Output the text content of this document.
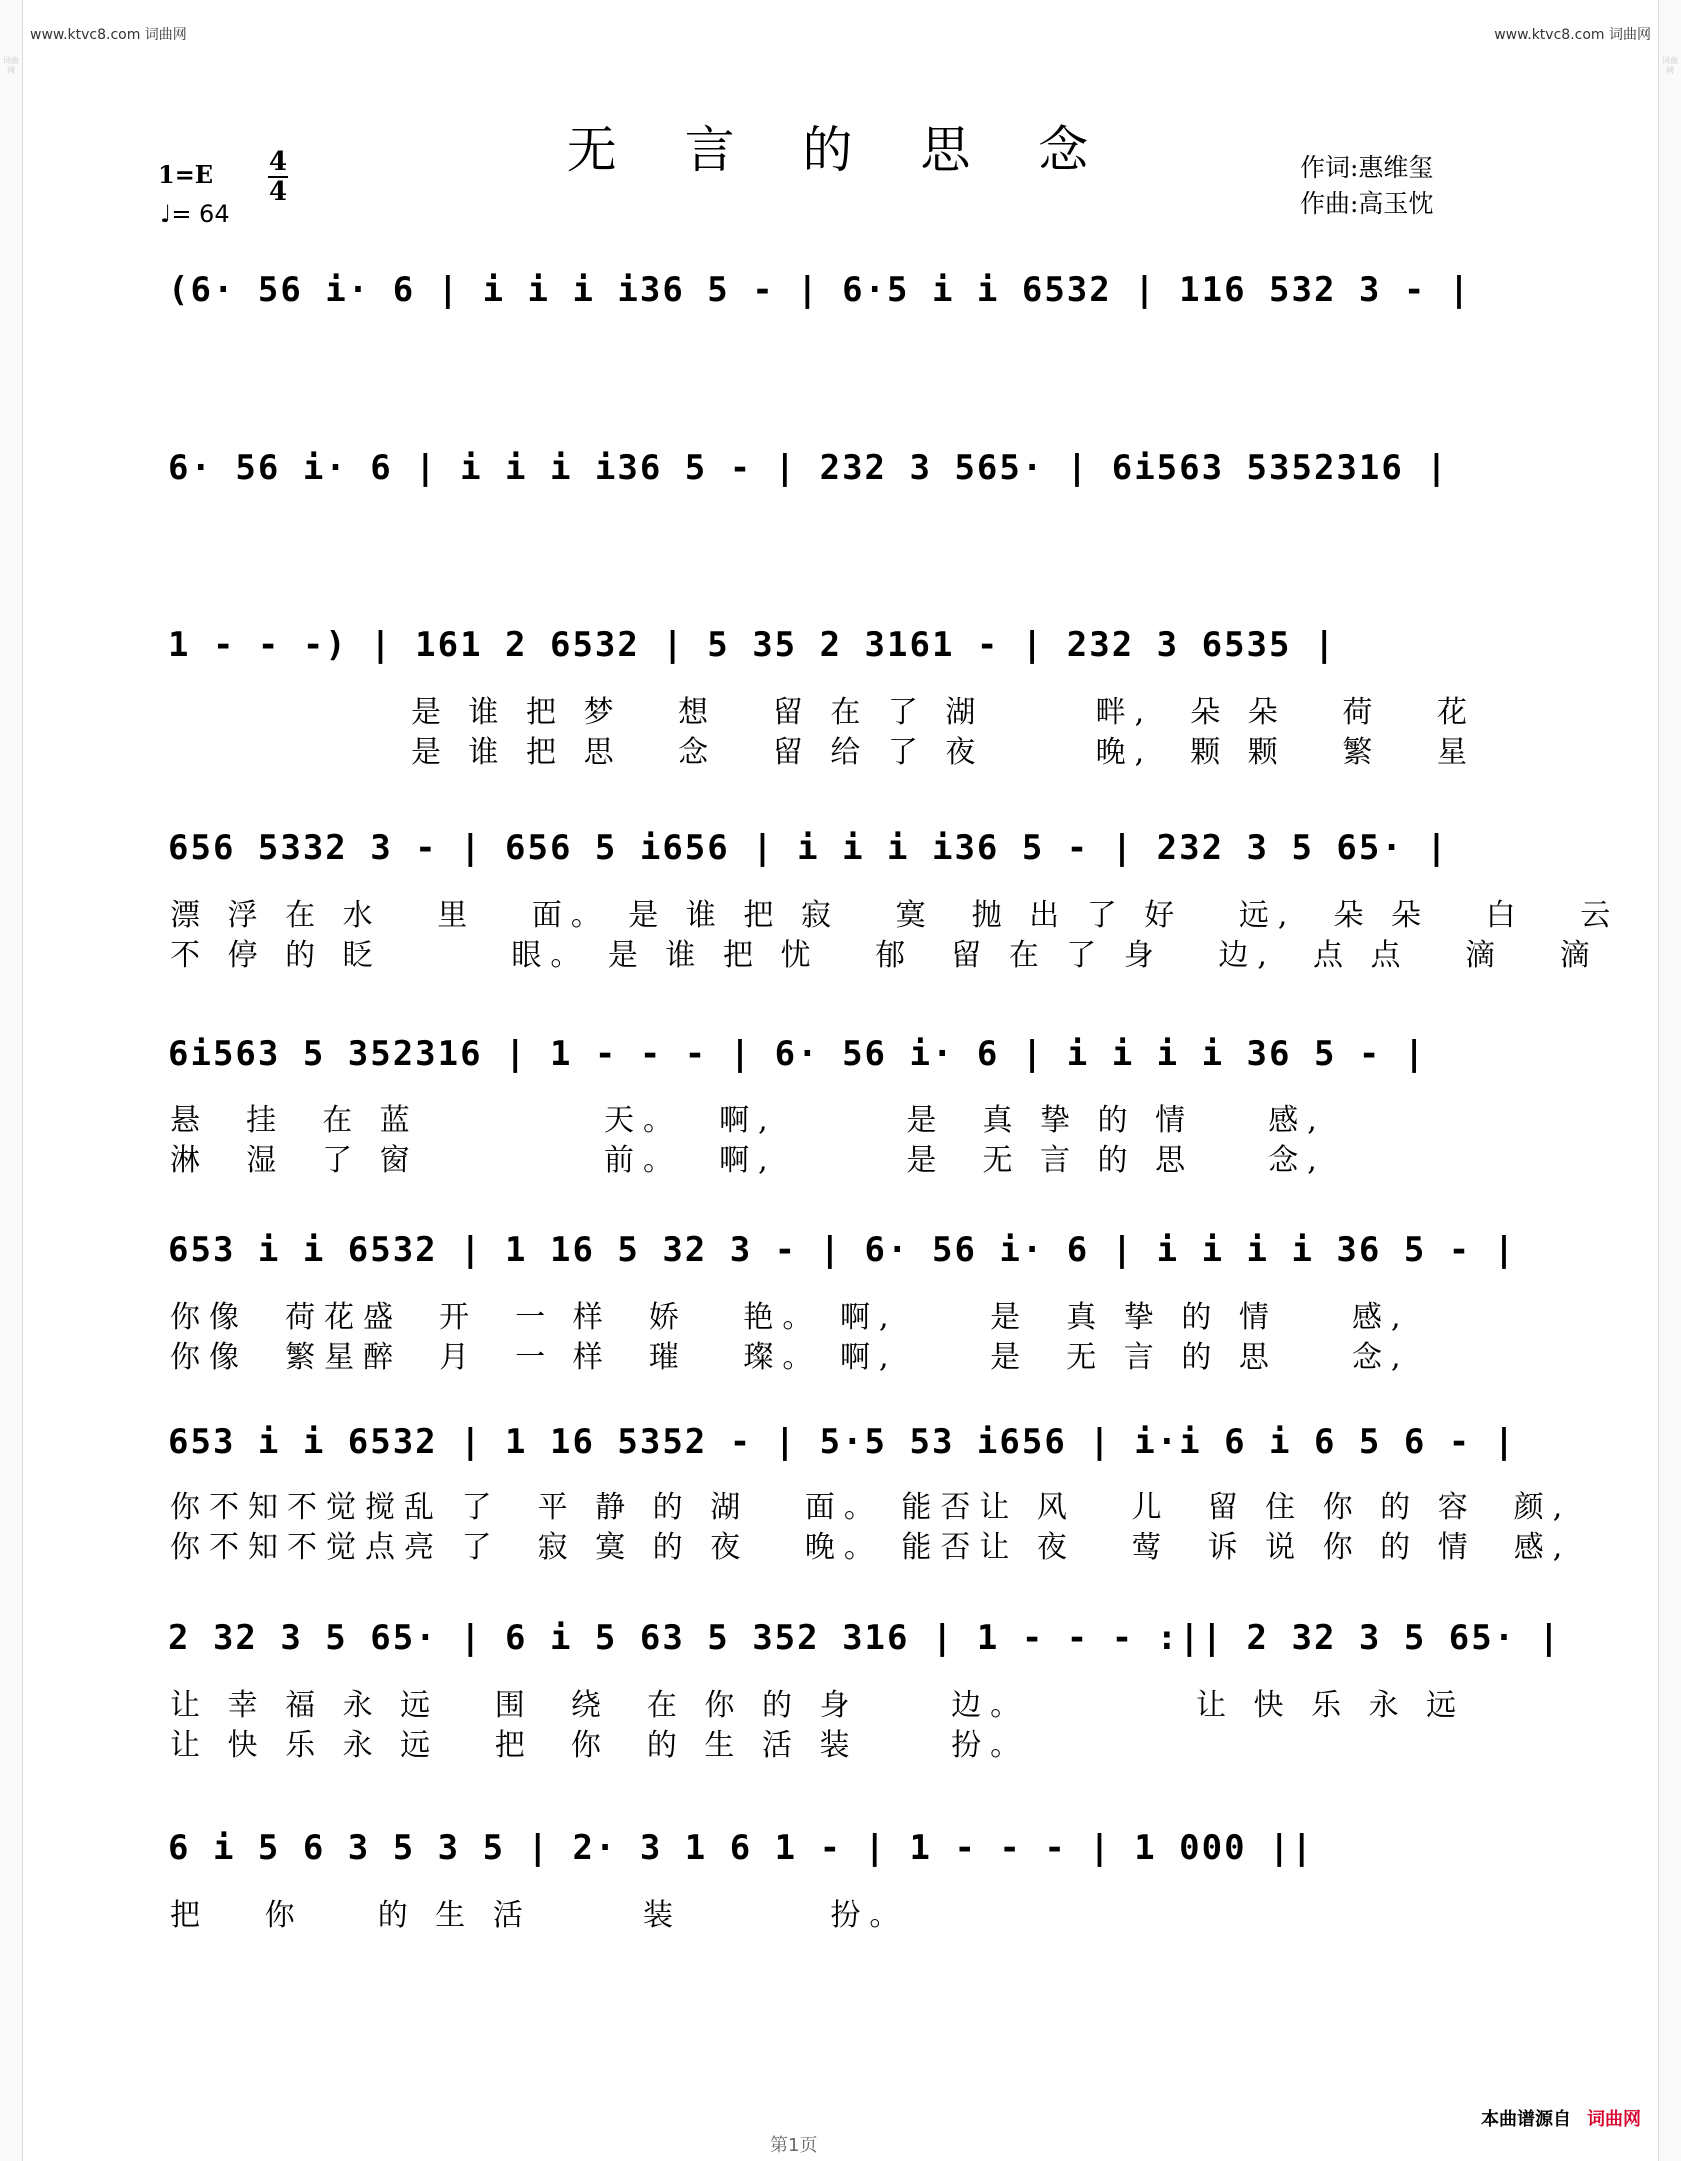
词曲网
词曲网
www.ktvc8.com 词曲网	www.ktvc8.com 词曲网
无 言 的 思 念
1=E 4
4
♩= 64
作词:惠维玺
作曲:高玉忱
(6· 56 i· 6 | i i i i36 5 - | 6·5 i i 6532 | 116 532 3 - |
6· 56 i· 6 | i i i i36 5 - | 232 3 565· | 6i563 5352316 |
1 - - -) | 161 2 6532 | 5 35 2 3161 - | 232 3 6535 |
是 谁 把 梦   想   留 在 了 湖      畔,  朵 朵   荷   花
是 谁 把 思   念   留 给 了 夜      晚,  颗 颗   繁   星
656 5332 3 - | 656 5 i656 | i i i i36 5 - | 232 3 5 65· |
漂 浮 在 水   里   面。 是 谁 把 寂   寞  抛 出 了 好   远,  朵 朵   白   云
不 停 的 眨       眼。 是 谁 把 忧   郁  留 在 了 身   边,  点 点   滴   滴
6i563 5 352316 | 1 - - - | 6· 56 i· 6 | i i i i 36 5 - |
悬  挂  在 蓝          天。  啊,       是  真 挚 的 情    感,
淋  湿  了 窗          前。  啊,       是  无 言 的 思    念,
653 i i 6532 | 1 16 5 32 3 - | 6· 56 i· 6 | i i i i 36 5 - |
你像  荷花盛  开  一 样  娇   艳。 啊,     是  真 挚 的 情    感,
你像  繁星醉  月  一 样  璀   璨。 啊,     是  无 言 的 思    念,
653 i i 6532 | 1 16 5352 - | 5·5 53 i656 | i·i 6 i 6 5 6 - |
你不知不觉搅乱 了  平 静 的 湖   面。 能否让 风   儿  留 住 你 的 容  颜,
你不知不觉点亮 了  寂 寞 的 夜   晚。 能否让 夜   莺  诉 说 你 的 情  感,
2 32 3 5 65· | 6 i 5 63 5 352 316 | 1 - - - :|| 2 32 3 5 65· |
让 幸 福 永 远   围  绕  在 你 的 身     边。         让 快 乐 永 远
让 快 乐 永 远   把  你  的 生 活 装     扮。
6 i 5 6 3 5 3 5 | 2· 3 1 6 1 - | 1 - - - | 1 000 ||
把   你    的 生 活      装        扮。
本曲谱源自 词曲网
第1页
